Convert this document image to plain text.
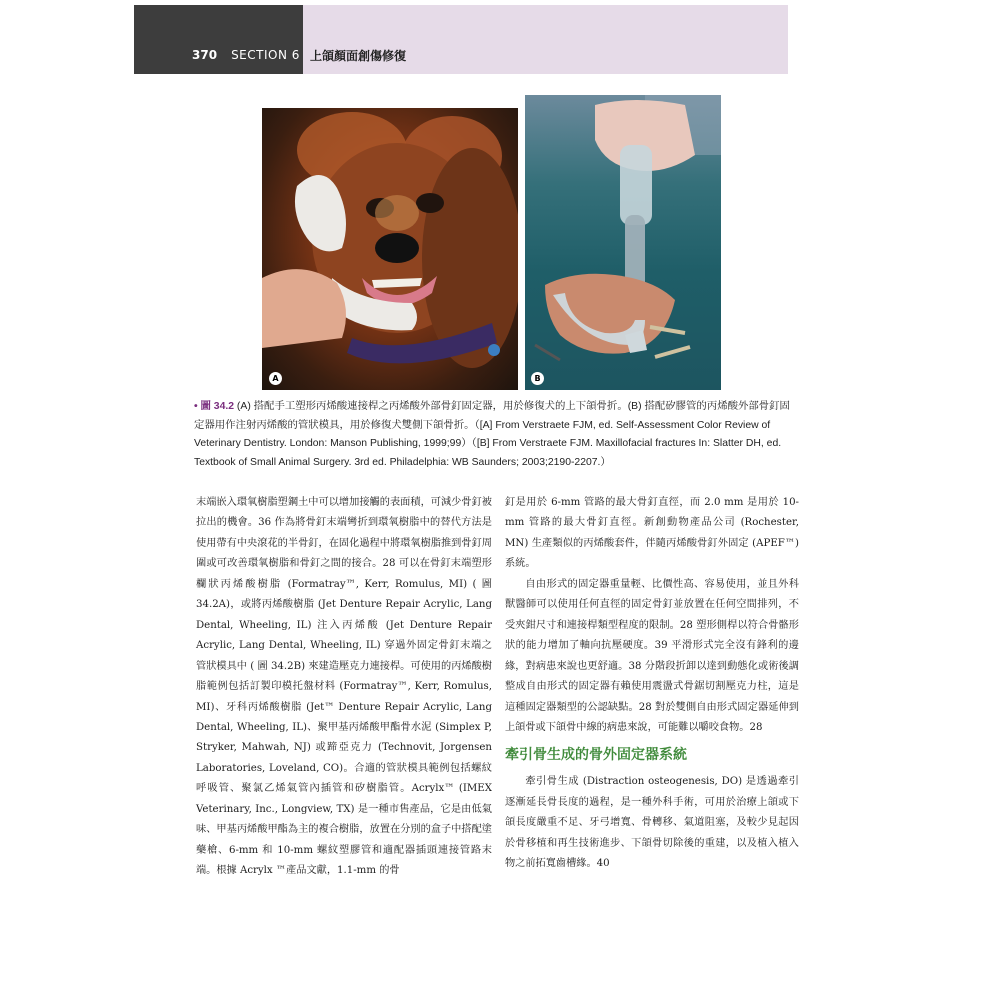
370 SECTION 6 上頜顏面創傷修復
A	B
• 圖 34.2 (A) 搭配手工塑形丙烯酸連接桿之丙烯酸外部骨釘固定器，用於修復犬的上下頜骨折。(B) 搭配矽膠管的丙烯酸外部骨釘固定器用作注射丙烯酸的管狀模具，用於修復犬雙側下頜骨折。（[A] From Verstraete FJM, ed. Self-Assessment Color Review of Veterinary Dentistry. London: Manson Publishing, 1999;99）（[B] From Verstraete FJM. Maxillofacial fractures In: Slatter DH, ed. Textbook of Small Animal Surgery. 3rd ed. Philadelphia: WB Saunders; 2003;2190-2207.）

末端嵌入環氧樹脂塑鋼土中可以增加接觸的表面積，可減少骨釘被拉出的機會。36 作為將骨釘末端彎折到環氧樹脂中的替代方法是使用帶有中央滾花的半骨釘，在固化過程中將環氧樹脂推到骨釘周圍或可改善環氧樹脂和骨釘之間的接合。28 可以在骨釘末端塑形欄狀丙烯酸樹脂 (Formatray™, Kerr, Romulus, MI) ( 圖 34.2A)，或將丙烯酸樹脂 (Jet Denture Repair Acrylic, Lang Dental, Wheeling, IL) 注入丙烯酸 (Jet Denture Repair Acrylic, Lang Dental, Wheeling, IL) 穿過外固定骨釘末端之管狀模具中 ( 圖 34.2B) 來建造壓克力連接桿。可使用的丙烯酸樹脂範例包括訂製印模托盤材料 (Formatray™, Kerr, Romulus, MI)、牙科丙烯酸樹脂 (Jet™ Denture Repair Acrylic, Lang Dental, Wheeling, IL)、聚甲基丙烯酸甲酯骨水泥 (Simplex P, Stryker, Mahwah, NJ) 或蹄亞克力 (Technovit, Jorgensen Laboratories, Loveland, CO)。合適的管狀模具範例包括螺紋呼吸管、聚氯乙烯氣管內插管和矽樹脂管。Acrylx™ (IMEX Veterinary, Inc., Longview, TX) 是一種市售產品，它是由低氣味、甲基丙烯酸甲酯為主的複合樹脂，放置在分別的盒子中搭配塗藥槍、6-mm 和 10-mm 螺紋塑膠管和適配器插頭連接管路末端。根據 Acrylx ™產品文獻，1.1-mm 的骨

釘是用於 6-mm 管路的最大骨釘直徑，而 2.0 mm 是用於 10-mm 管路的最大骨釘直徑。新創動物產品公司 (Rochester, MN) 生產類似的丙烯酸套件，伴隨丙烯酸骨釘外固定 (APEF™) 系統。

自由形式的固定器重量輕、比價性高、容易使用，並且外科獸醫師可以使用任何直徑的固定骨釘並放置在任何空間排列，不受夾鉗尺寸和連接桿類型程度的限制。28 塑形側桿以符合骨骼形狀的能力增加了軸向抗壓硬度。39 平滑形式完全沒有鋒利的邊緣，對病患來說也更舒適。38 分階段折卸以達到動態化或術後調整成自由形式的固定器有賴使用震盪式骨鋸切割壓克力柱，這是這種固定器類型的公認缺點。28 對於雙側自由形式固定器延伸到上頜骨或下頜骨中線的病患來說，可能難以嚼咬食物。28

牽引骨生成的骨外固定器系統

牽引骨生成 (Distraction osteogenesis, DO) 是透過牽引逐漸延長骨長度的過程，是一種外科手術，可用於治療上頜或下頜長度嚴重不足、牙弓增寬、骨轉移、氣道阻塞，及較少見起因於骨移植和再生技術進步、下頜骨切除後的重建，以及植入植入物之前拓寬齒槽緣。40
